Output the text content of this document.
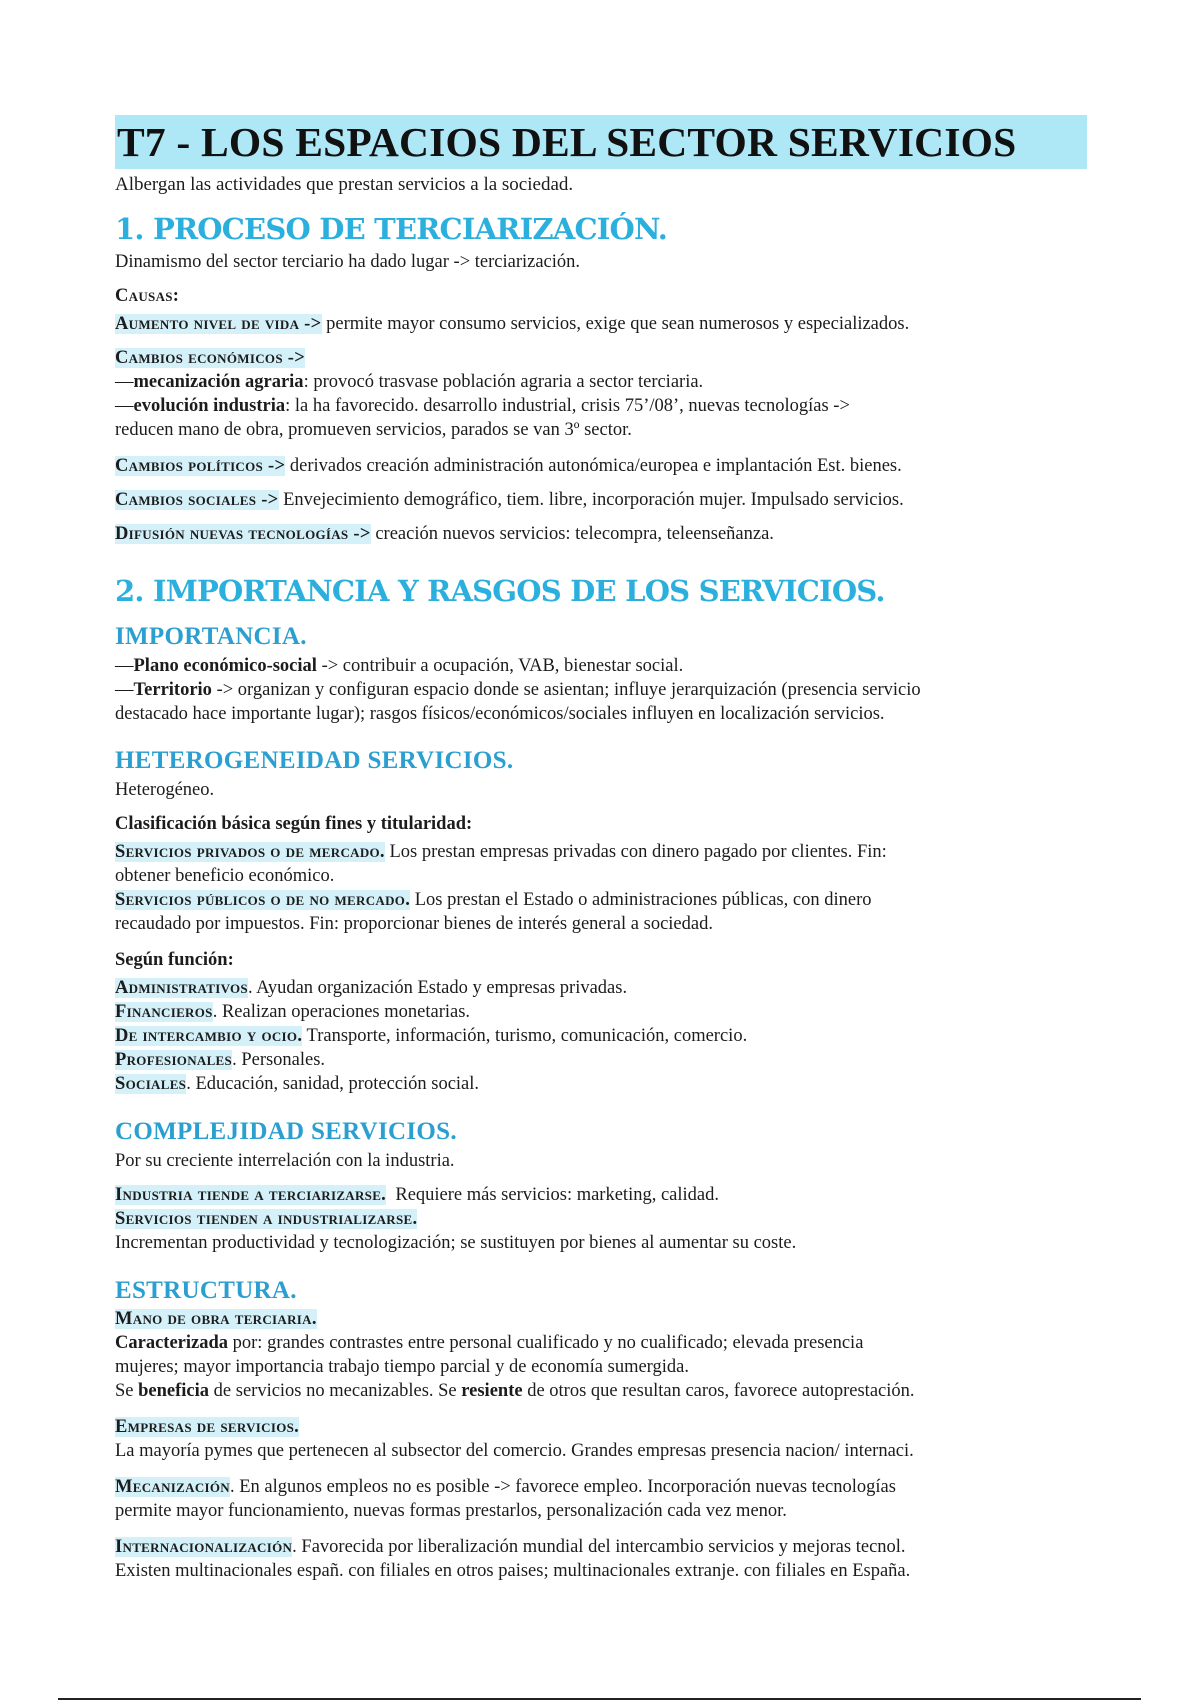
T7 - LOS ESPACIOS DEL SECTOR SERVICIOS
Albergan las actividades que prestan servicios a la sociedad.
1. PROCESO DE TERCIARIZACIÓN.
Dinamismo del sector terciario ha dado lugar -> terciarización.
Causas:
Aumento nivel de vida -> permite mayor consumo servicios, exige que sean numerosos y especializados.
Cambios económicos ->
—mecanización agraria: provocó trasvase población agraria a sector terciaria.
—evolución industria: la ha favorecido. desarrollo industrial, crisis 75’/08’, nuevas tecnologías ->
reducen mano de obra, promueven servicios, parados se van 3º sector.
Cambios políticos -> derivados creación administración autonómica/europea e implantación Est. bienes.
Cambios sociales -> Envejecimiento demográfico, tiem. libre, incorporación mujer. Impulsado servicios.
Difusión nuevas tecnologías -> creación nuevos servicios: telecompra, teleenseñanza.
2. IMPORTANCIA Y RASGOS DE LOS SERVICIOS.
IMPORTANCIA.
—Plano económico-social -> contribuir a ocupación, VAB, bienestar social.
—Territorio -> organizan y configuran espacio donde se asientan; influye jerarquización (presencia servicio
destacado hace importante lugar); rasgos físicos/económicos/sociales influyen en localización servicios.
HETEROGENEIDAD SERVICIOS.
Heterogéneo.
Clasificación básica según fines y titularidad:
Servicios privados o de mercado. Los prestan empresas privadas con dinero pagado por clientes. Fin:
obtener beneficio económico.
Servicios públicos o de no mercado. Los prestan el Estado o administraciones públicas, con dinero
recaudado por impuestos. Fin: proporcionar bienes de interés general a sociedad.
Según función:
Administrativos. Ayudan organización Estado y empresas privadas.
Financieros. Realizan operaciones monetarias.
De intercambio y ocio. Transporte, información, turismo, comunicación, comercio.
Profesionales. Personales.
Sociales. Educación, sanidad, protección social.
COMPLEJIDAD SERVICIOS.
Por su creciente interrelación con la industria.
Industria tiende a terciarizarse.  Requiere más servicios: marketing, calidad.
Servicios tienden a industrializarse.
Incrementan productividad y tecnologización; se sustituyen por bienes al aumentar su coste.
ESTRUCTURA.
Mano de obra terciaria.
Caracterizada por: grandes contrastes entre personal cualificado y no cualificado; elevada presencia
mujeres; mayor importancia trabajo tiempo parcial y de economía sumergida.
Se beneficia de servicios no mecanizables. Se resiente de otros que resultan caros, favorece autoprestación.
Empresas de servicios.
La mayoría pymes que pertenecen al subsector del comercio. Grandes empresas presencia nacion/ internaci.
Mecanización. En algunos empleos no es posible -> favorece empleo. Incorporación nuevas tecnologías
permite mayor funcionamiento, nuevas formas prestarlos, personalización cada vez menor.
Internacionalización. Favorecida por liberalización mundial del intercambio servicios y mejoras tecnol.
Existen multinacionales españ. con filiales en otros paises; multinacionales extranje. con filiales en España.
